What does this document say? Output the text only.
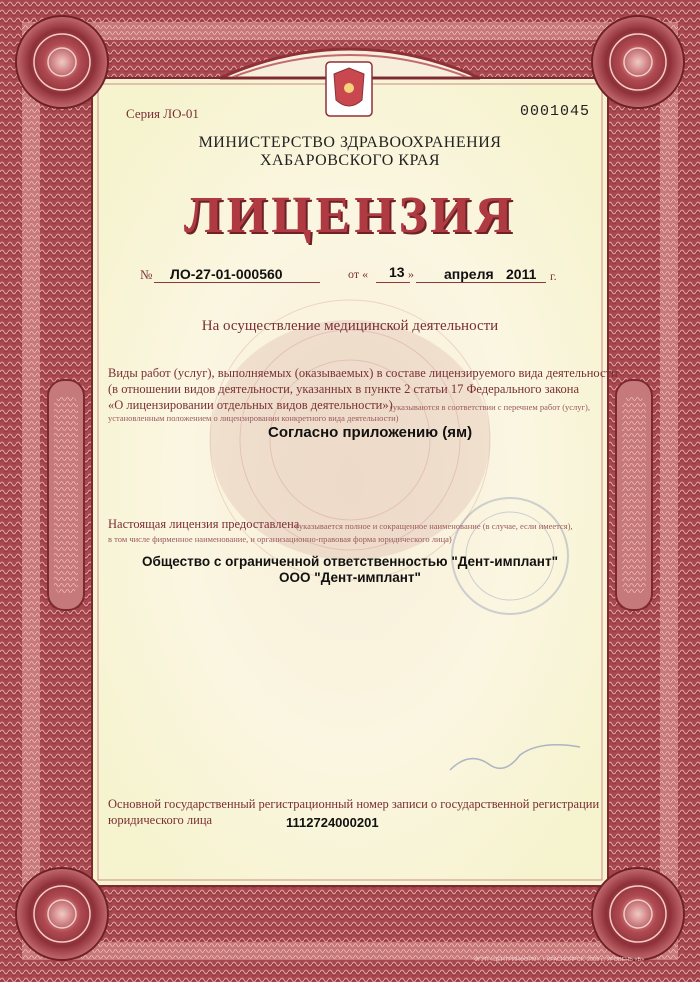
Серия ЛО-01	0001045
МИНИСТЕРСТВО ЗДРАВООХРАНЕНИЯ
ХАБАРОВСКОГО КРАЯ
ЛИЦЕНЗИЯ
№ ЛО-27-01-000560	от « 13 » апреля 2011 г.
На осуществление медицинской деятельности
Виды работ (услуг), выполняемых (оказываемых) в составе лицензируемого вида деятельности
(в отношении видов деятельности, указанных в пункте 2 статьи 17 Федерального закона
«О лицензировании отдельных видов деятельности»)
(указываются в соответствии с перечнем работ (услуг),
установленным положением о лицензировании конкретного вида деятельности)
Согласно приложению (ям)
Настоящая лицензия предоставлена
(указывается полное и сокращенное наименование (в случае, если имеется),
в том числе фирменное наименование, и организационно-правовая форма юридического лица)
Общество с ограниченной ответственностью "Дент-имплант"
ООО "Дент-имплант"
Основной государственный регистрационный номер записи о государственной регистрации
юридического лица	1112724000201
ФГУП «ЦЕНТРИНФОРМ», г. КРАСНОЯРСК, 2009 г., УРОВЕНЬ «Б»
